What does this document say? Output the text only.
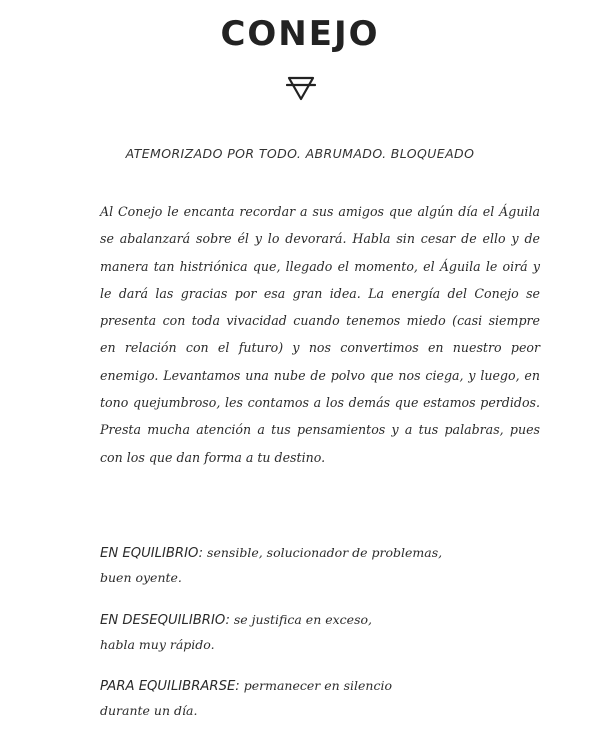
CONEJO
ATEMORIZADO POR TODO. ABRUMADO. BLOQUEADO

Al Conejo le encanta recordar a sus amigos que algún día el Águila se abalanzará sobre él y lo devorará. Habla sin cesar de ello y de manera tan histriónica que, llegado el momento, el Águila le oirá y le dará las gracias por esa gran idea. La energía del Conejo se presenta con toda vivacidad cuando tenemos miedo (casi siempre en relación con el futuro) y nos convertimos en nuestro peor enemigo. Levantamos una nube de polvo que nos ciega, y luego, en tono quejumbroso, les contamos a los demás que estamos perdidos. Presta mucha atención a tus pensamientos y a tus palabras, pues con los que dan forma a tu destino.

EN EQUILIBRIO: sensible, solucionador de problemas,
buen oyente.
EN DESEQUILIBRIO: se justifica en exceso,
habla muy rápido.
PARA EQUILIBRARSE: permanecer en silencio
durante un día.
